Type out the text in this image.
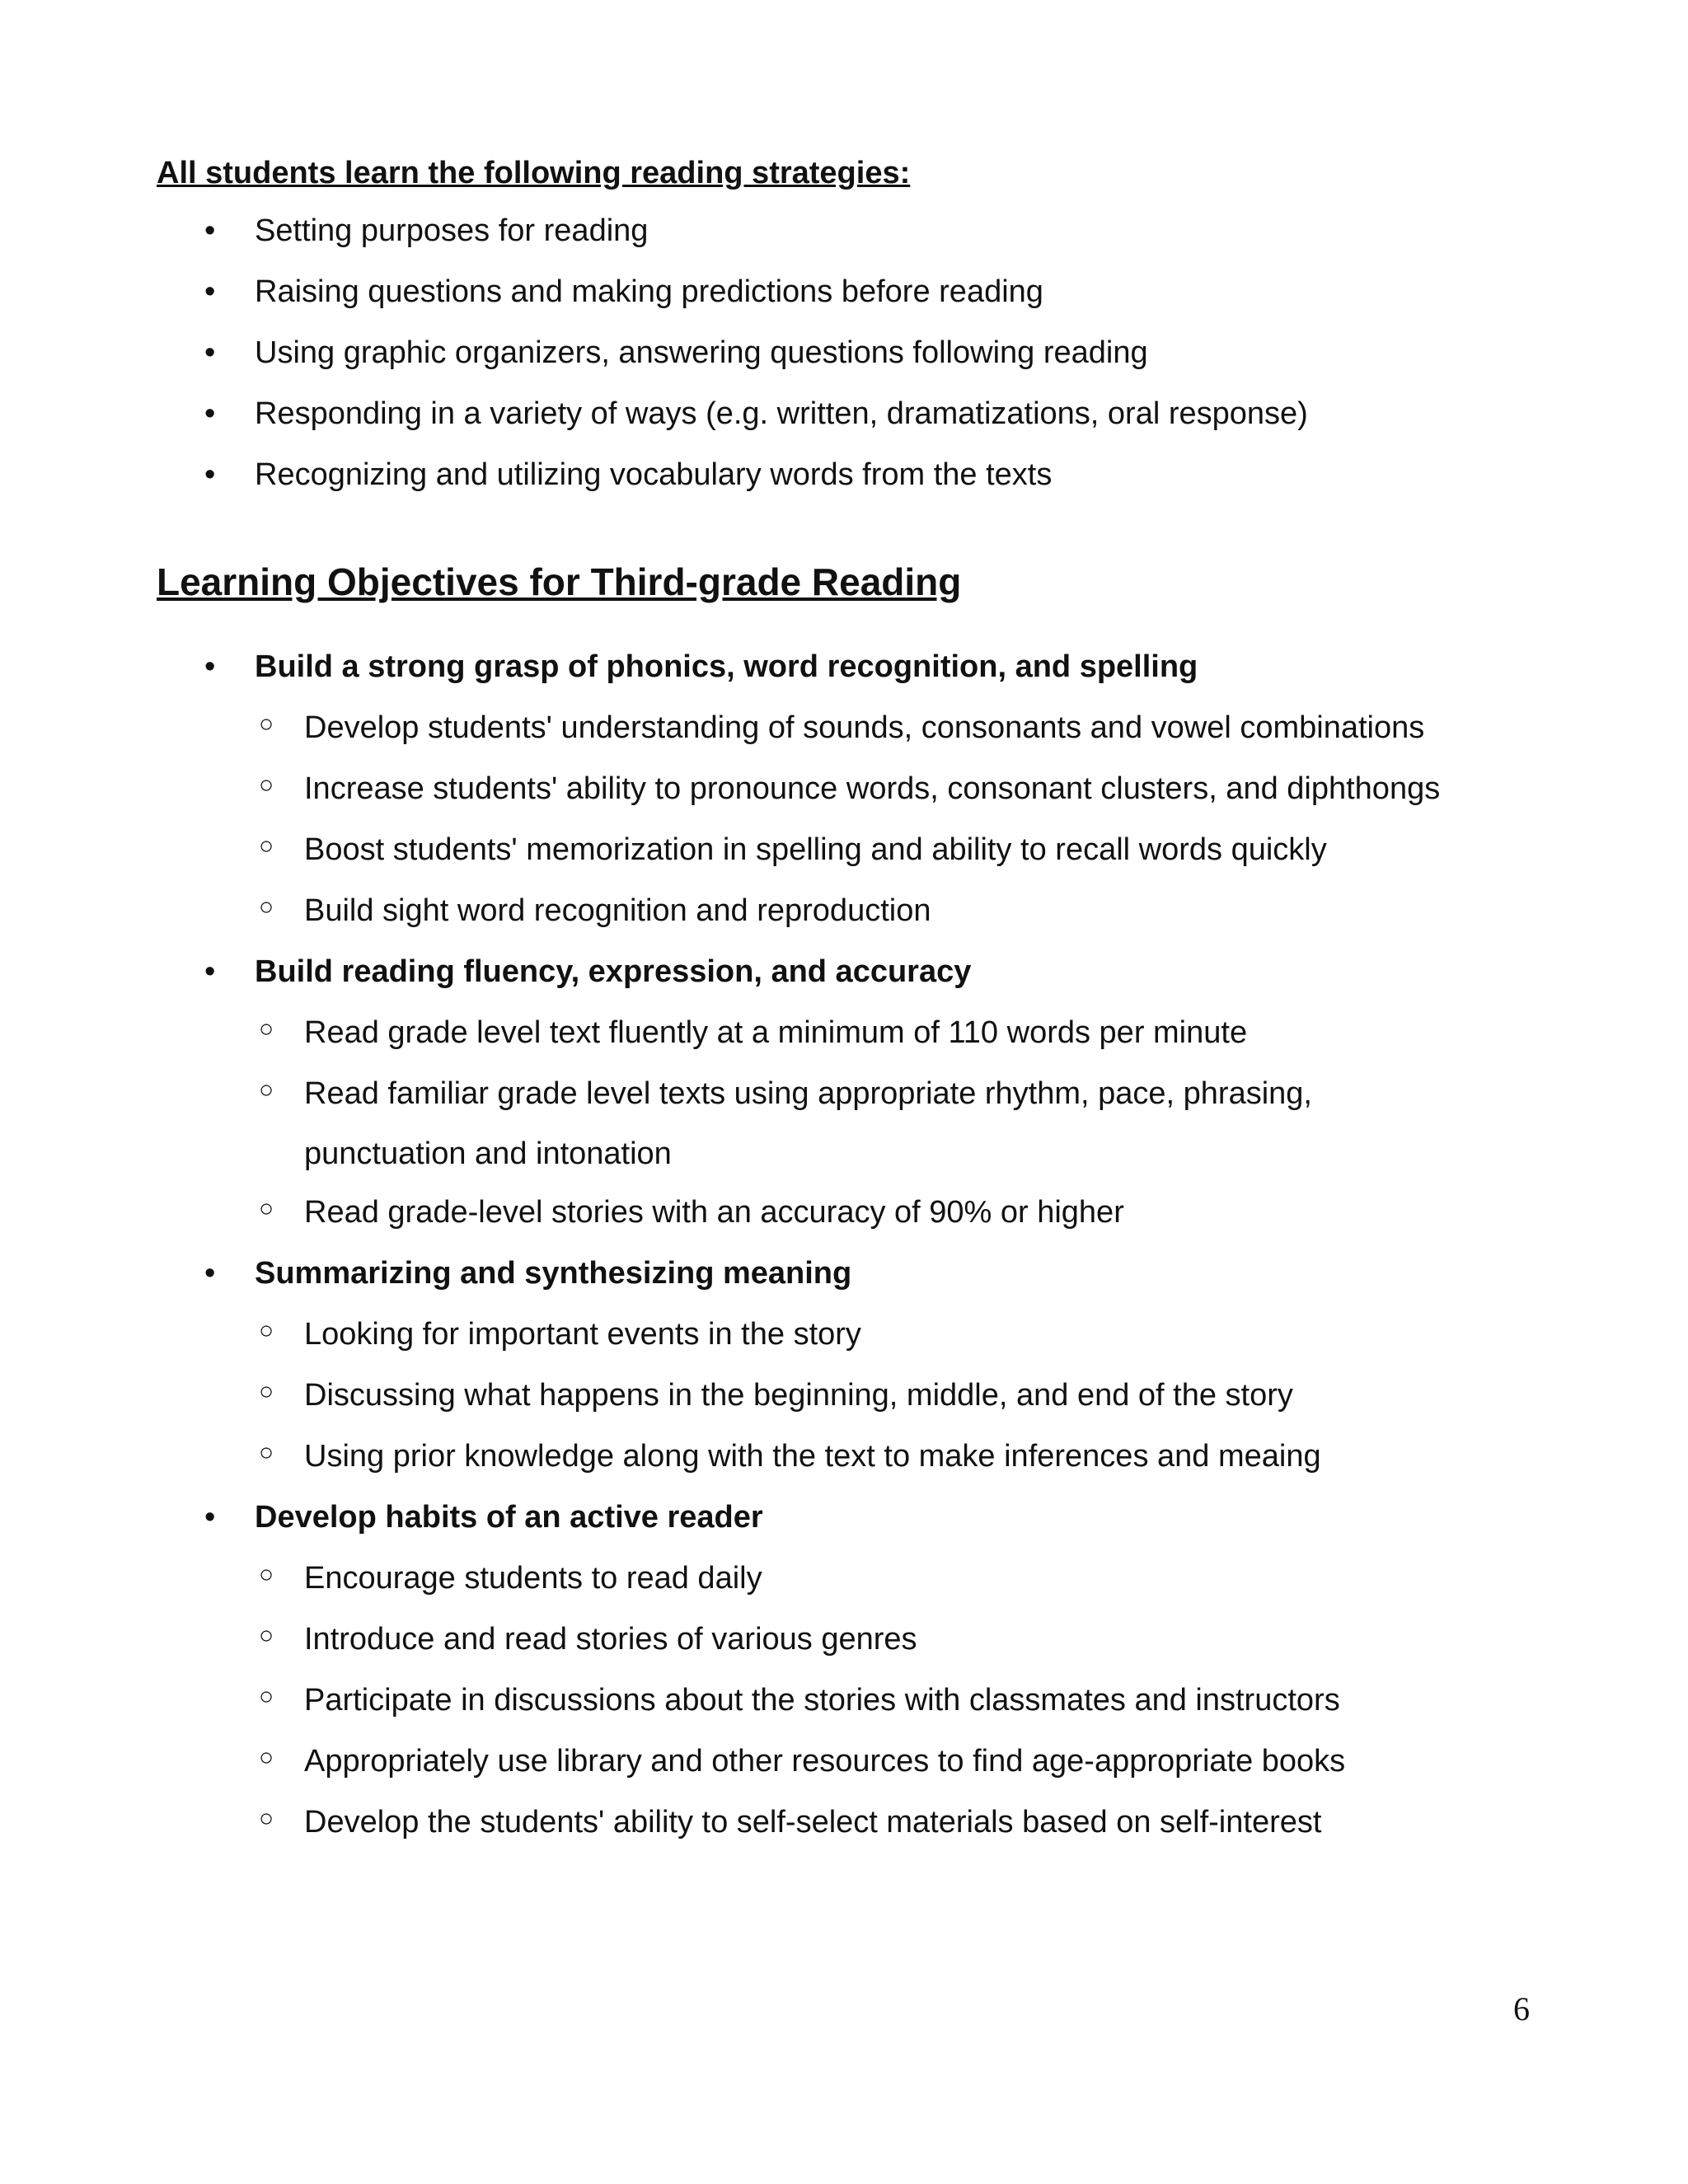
All students learn the following reading strategies:
• Setting purposes for reading
• Raising questions and making predictions before reading
• Using graphic organizers, answering questions following reading
• Responding in a variety of ways (e.g. written, dramatizations, oral response)
• Recognizing and utilizing vocabulary words from the texts
Learning Objectives for Third-grade Reading
• Build a strong grasp of phonics, word recognition, and spelling
○ Develop students' understanding of sounds, consonants and vowel combinations
○ Increase students' ability to pronounce words, consonant clusters, and diphthongs
○ Boost students' memorization in spelling and ability to recall words quickly
○ Build sight word recognition and reproduction
• Build reading fluency, expression, and accuracy
○ Read grade level text fluently at a minimum of 110 words per minute
○ Read familiar grade level texts using appropriate rhythm, pace, phrasing,
punctuation and intonation
○ Read grade-level stories with an accuracy of 90% or higher
• Summarizing and synthesizing meaning
○ Looking for important events in the story
○ Discussing what happens in the beginning, middle, and end of the story
○ Using prior knowledge along with the text to make inferences and meaing
• Develop habits of an active reader
○ Encourage students to read daily
○ Introduce and read stories of various genres
○ Participate in discussions about the stories with classmates and instructors
○ Appropriately use library and other resources to find age-appropriate books
○ Develop the students' ability to self-select materials based on self-interest
6
